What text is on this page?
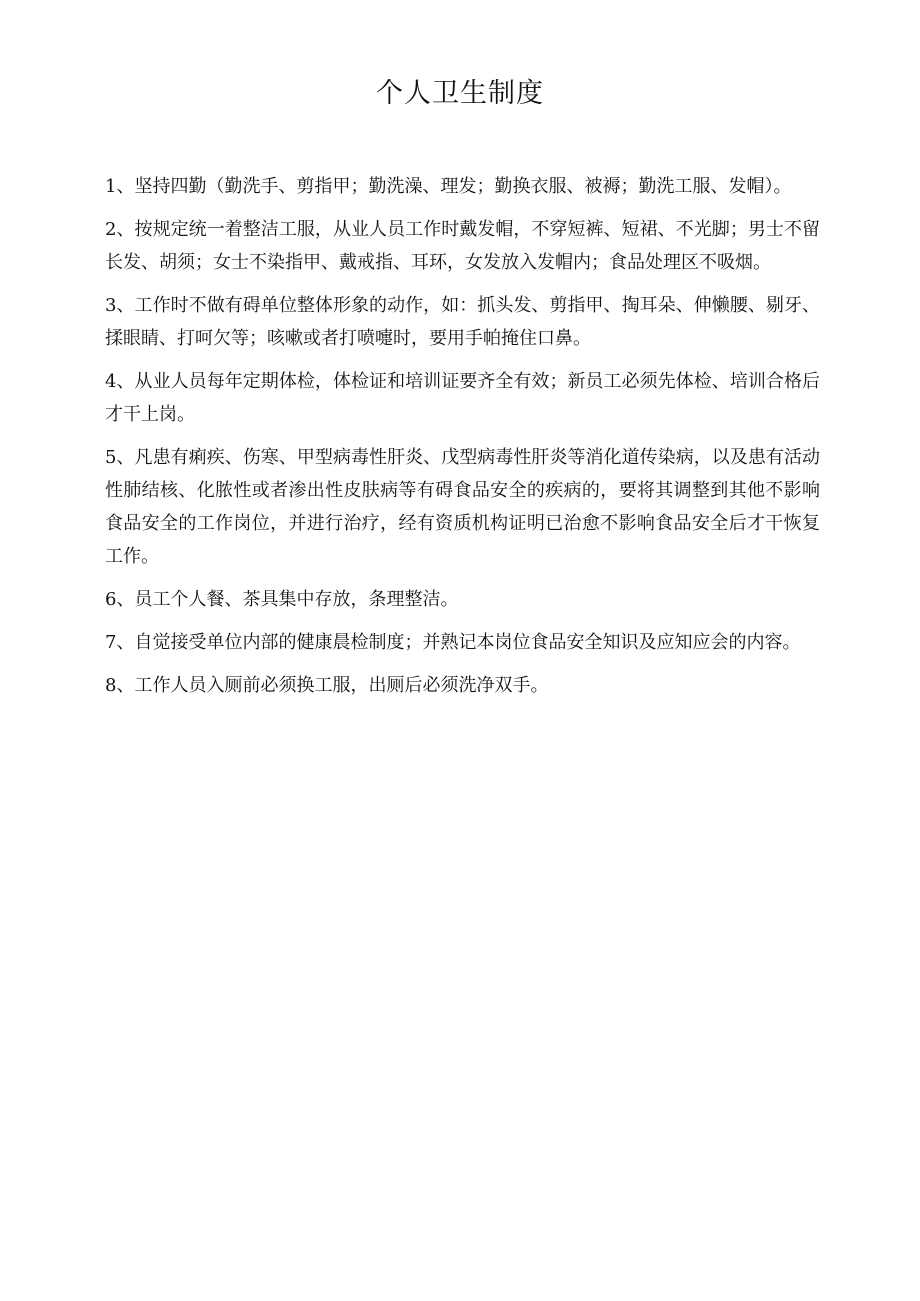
个人卫生制度

1、坚持四勤（勤洗手、剪指甲；勤洗澡、理发；勤换衣服、被褥；勤洗工服、发帽）。

2、按规定统一着整洁工服，从业人员工作时戴发帽，不穿短裤、短裙、不光脚；男士不留长发、胡须；女士不染指甲、戴戒指、耳环，女发放入发帽内；食品处理区不吸烟。

3、工作时不做有碍单位整体形象的动作，如：抓头发、剪指甲、掏耳朵、伸懒腰、剔牙、揉眼睛、打呵欠等；咳嗽或者打喷嚏时，要用手帕掩住口鼻。

4、从业人员每年定期体检，体检证和培训证要齐全有效；新员工必须先体检、培训合格后才干上岗。

5、凡患有痢疾、伤寒、甲型病毒性肝炎、戊型病毒性肝炎等消化道传染病，以及患有活动性肺结核、化脓性或者渗出性皮肤病等有碍食品安全的疾病的，要将其调整到其他不影响食品安全的工作岗位，并进行治疗，经有资质机构证明已治愈不影响食品安全后才干恢复工作。

6、员工个人餐、茶具集中存放，条理整洁。

7、自觉接受单位内部的健康晨检制度；并熟记本岗位食品安全知识及应知应会的内容。

8、工作人员入厕前必须换工服，出厕后必须洗净双手。
